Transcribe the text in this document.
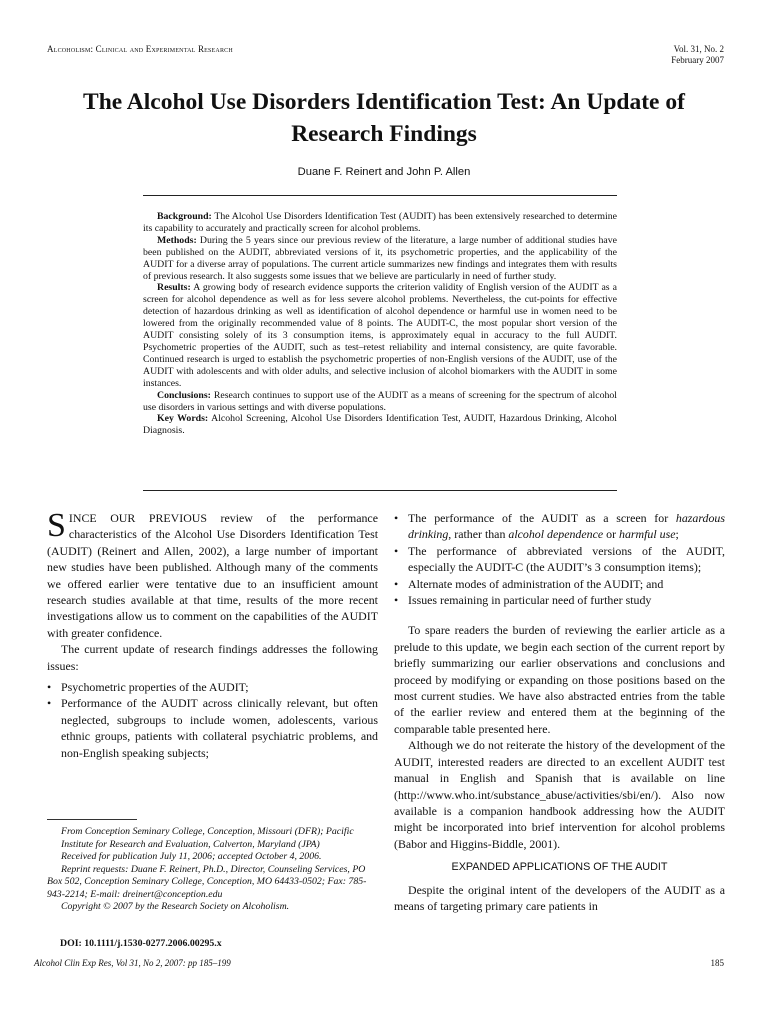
Alcoholism: Clinical and Experimental Research	Vol. 31, No. 2
February 2007
The Alcohol Use Disorders Identification Test: An Update of Research Findings
Duane F. Reinert and John P. Allen

Background: The Alcohol Use Disorders Identification Test (AUDIT) has been extensively researched to determine its capability to accurately and practically screen for alcohol problems.

Methods: During the 5 years since our previous review of the literature, a large number of additional studies have been published on the AUDIT, abbreviated versions of it, its psychometric properties, and the applicability of the AUDIT for a diverse array of populations. The current article summarizes new findings and integrates them with results of previous research. It also suggests some issues that we believe are particularly in need of further study.

Results: A growing body of research evidence supports the criterion validity of English version of the AUDIT as a screen for alcohol dependence as well as for less severe alcohol problems. Nevertheless, the cut-points for effective detection of hazardous drinking as well as identification of alcohol dependence or harmful use in women need to be lowered from the originally recommended value of 8 points. The AUDIT-C, the most popular short version of the AUDIT consisting solely of its 3 consumption items, is approximately equal in accuracy to the full AUDIT. Psychometric properties of the AUDIT, such as test–retest reliability and internal consistency, are quite favorable. Continued research is urged to establish the psychometric properties of non-English versions of the AUDIT, use of the AUDIT with adolescents and with older adults, and selective inclusion of alcohol biomarkers with the AUDIT in some instances.

Conclusions: Research continues to support use of the AUDIT as a means of screening for the spectrum of alcohol use disorders in various settings and with diverse populations.

Key Words: Alcohol Screening, Alcohol Use Disorders Identification Test, AUDIT, Hazardous Drinking, Alcohol Diagnosis.

SINCE OUR PREVIOUS review of the performance characteristics of the Alcohol Use Disorders Identification Test (AUDIT) (Reinert and Allen, 2002), a large number of important new studies have been published. Although many of the comments we offered earlier were tentative due to an insufficient amount research studies available at that time, results of the more recent investigations allow us to comment on the capabilities of the AUDIT with greater confidence.

The current update of research findings addresses the following issues:

• Psychometric properties of the AUDIT;
• Performance of the AUDIT across clinically relevant, but often neglected, subgroups to include women, adolescents, various ethnic groups, patients with collateral psychiatric problems, and non-English speaking subjects;

From Conception Seminary College, Conception, Missouri (DFR); Pacific Institute for Research and Evaluation, Calverton, Maryland (JPA)

Received for publication July 11, 2006; accepted October 4, 2006.

Reprint requests: Duane F. Reinert, Ph.D., Director, Counseling Services, PO Box 502, Conception Seminary College, Conception, MO 64433-0502; Fax: 785-943-2214; E-mail: dreinert@conception.edu

Copyright © 2007 by the Research Society on Alcoholism.

DOI: 10.1111/j.1530-0277.2006.00295.x
• The performance of the AUDIT as a screen for hazardous drinking, rather than alcohol dependence or harmful use;
• The performance of abbreviated versions of the AUDIT, especially the AUDIT-C (the AUDIT’s 3 consumption items);
• Alternate modes of administration of the AUDIT; and
• Issues remaining in particular need of further study

To spare readers the burden of reviewing the earlier article as a prelude to this update, we begin each section of the current report by briefly summarizing our earlier observations and conclusions and proceed by modifying or expanding on those positions based on the most current studies. We have also abstracted entries from the table of the earlier review and entered them at the beginning of the comparable table presented here.

Although we do not reiterate the history of the development of the AUDIT, interested readers are directed to an excellent AUDIT test manual in English and Spanish that is available on line (http://www.who.int/substance_abuse/activities/sbi/en/). Also now available is a companion handbook addressing how the AUDIT might be incorporated into brief intervention for alcohol problems (Babor and Higgins-Biddle, 2001).

EXPANDED APPLICATIONS OF THE AUDIT

Despite the original intent of the developers of the AUDIT as a means of targeting primary care patients in

Alcohol Clin Exp Res, Vol 31, No 2, 2007: pp 185–199	185
